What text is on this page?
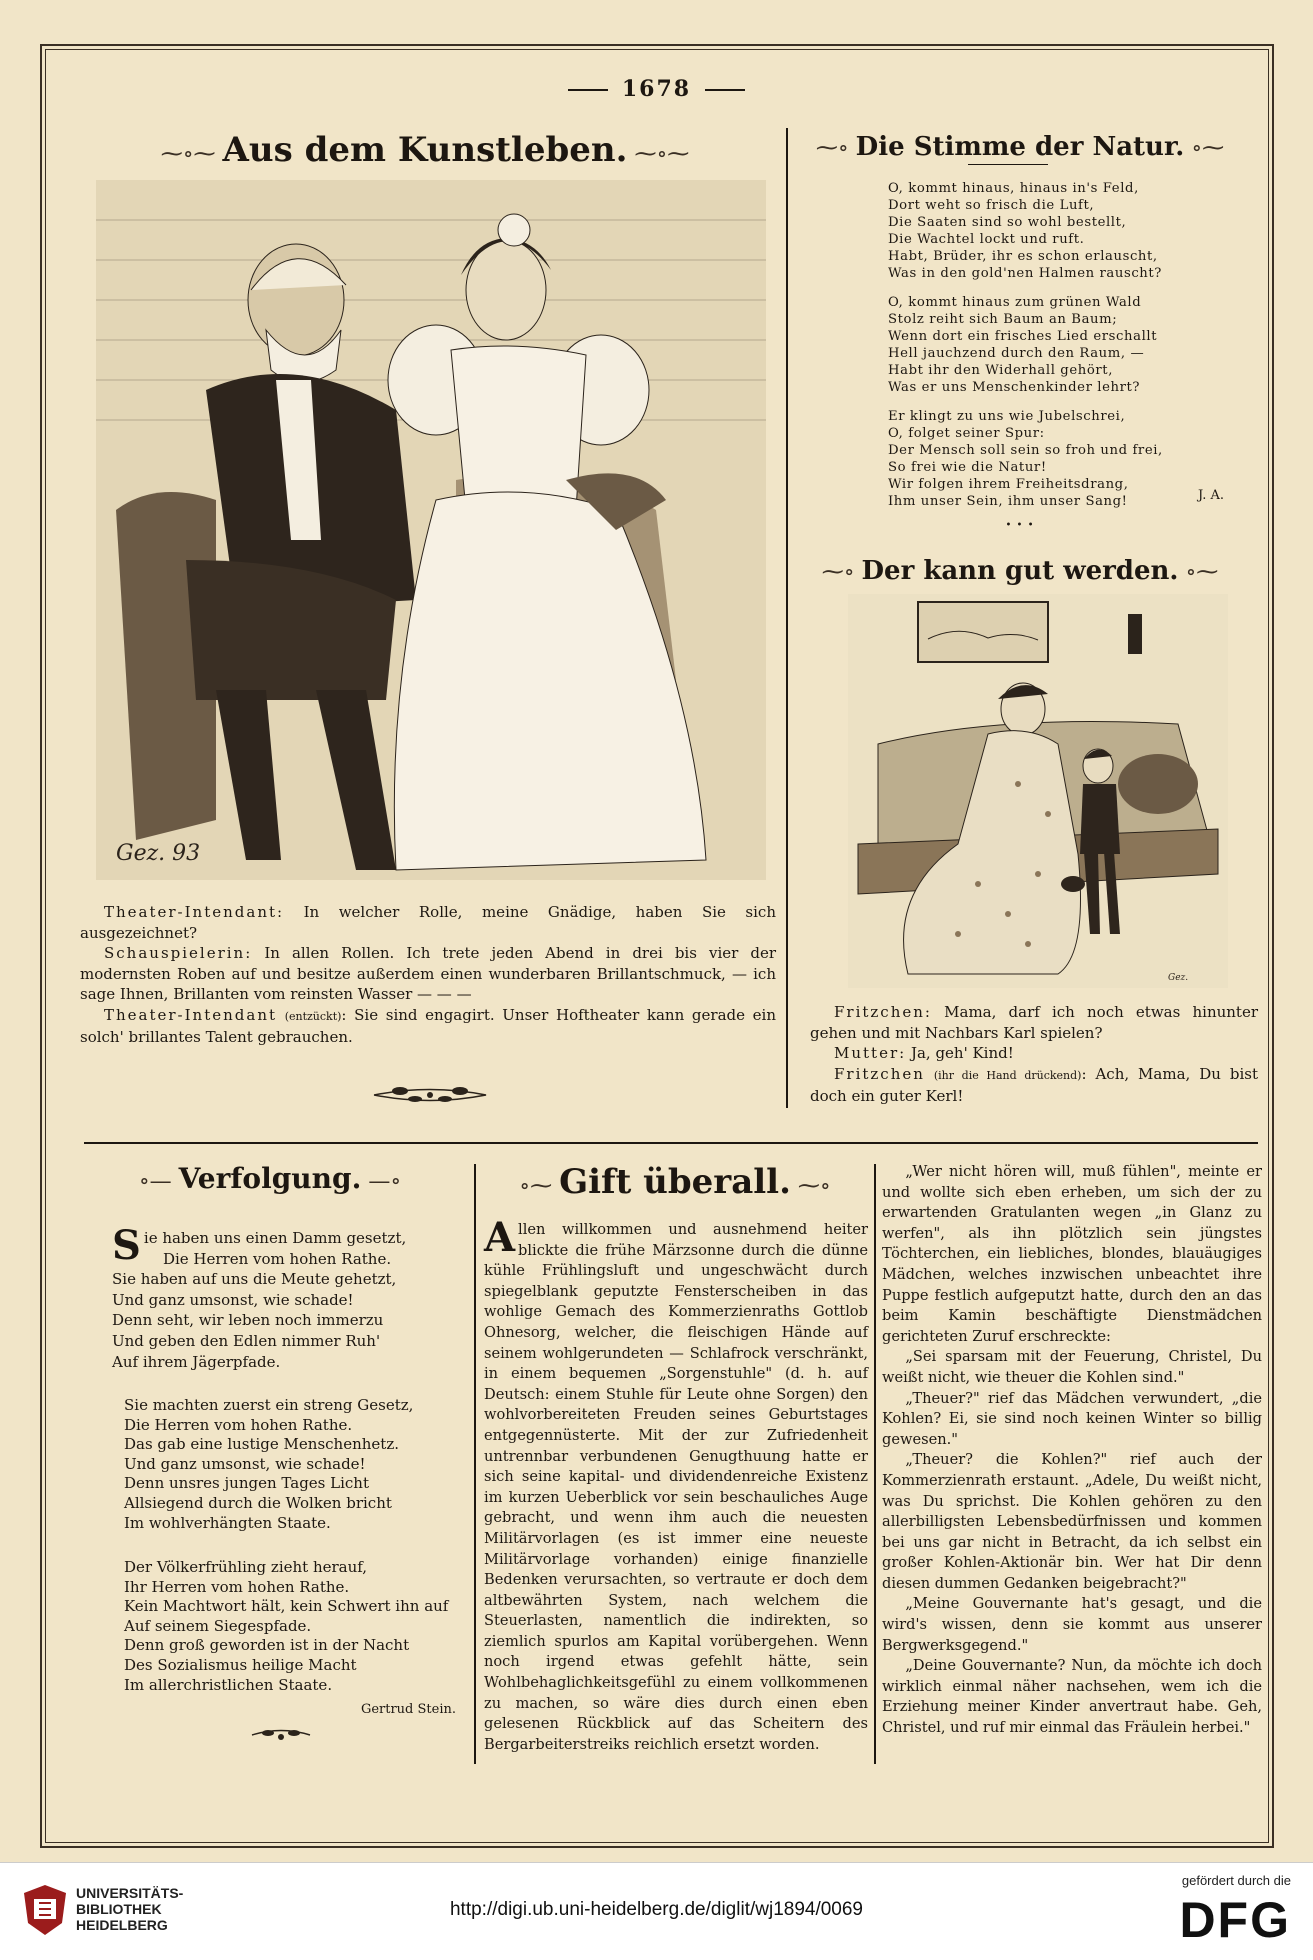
1678
⁓∘⁓ Aus dem Kunstleben. ⁓∘⁓
Gez. 93

Theater-Intendant: In welcher Rolle, meine Gnädige, haben Sie sich ausgezeichnet?

Schauspielerin: In allen Rollen. Ich trete jeden Abend in drei bis vier der modernsten Roben auf und besitze außerdem einen wunderbaren Brillantschmuck, — ich sage Ihnen, Brillanten vom reinsten Wasser — — —

Theater-Intendant (entzückt): Sie sind engagirt. Unser Hoftheater kann gerade ein solch' brillantes Talent gebrauchen.

⁓∘ Die Stimme der Natur. ∘⁓
O, kommt hinaus, hinaus in's Feld,
Dort weht so frisch die Luft,
Die Saaten sind so wohl bestellt,
Die Wachtel lockt und ruft.
Habt, Brüder, ihr es schon erlauscht,
Was in den gold'nen Halmen rauscht?
O, kommt hinaus zum grünen Wald
Stolz reiht sich Baum an Baum;
Wenn dort ein frisches Lied erschallt
Hell jauchzend durch den Raum, —
Habt ihr den Widerhall gehört,
Was er uns Menschenkinder lehrt?
Er klingt zu uns wie Jubelschrei,
O, folget seiner Spur:
Der Mensch soll sein so froh und frei,
So frei wie die Natur!
Wir folgen ihrem Freiheitsdrang,
Ihm unser Sein, ihm unser Sang!	J. A.
• • •
⁓∘ Der kann gut werden. ∘⁓
Gez.

Fritzchen: Mama, darf ich noch etwas hinunter gehen und mit Nachbars Karl spielen?

Mutter: Ja, geh' Kind!

Fritzchen (ihr die Hand drückend): Ach, Mama, Du bist doch ein guter Kerl!

∘— Verfolgung. —∘
Sie haben uns einen Damm gesetzt,
Die Herren vom hohen Rathe.
Sie haben auf uns die Meute gehetzt,
Und ganz umsonst, wie schade!
Denn seht, wir leben noch immerzu
Und geben den Edlen nimmer Ruh'
Auf ihrem Jägerpfade.
Sie machten zuerst ein streng Gesetz,
Die Herren vom hohen Rathe.
Das gab eine lustige Menschenhetz.
Und ganz umsonst, wie schade!
Denn unsres jungen Tages Licht
Allsiegend durch die Wolken bricht
Im wohlverhängten Staate.
Der Völkerfrühling zieht herauf,
Ihr Herren vom hohen Rathe.
Kein Machtwort hält, kein Schwert ihn auf
Auf seinem Siegespfade.
Denn groß geworden ist in der Nacht
Des Sozialismus heilige Macht
Im allerchristlichen Staate.
Gertrud Stein.
∘⁓ Gift überall. ⁓∘

Allen willkommen und ausnehmend heiter blickte die frühe Märzsonne durch die dünne kühle Frühlingsluft und ungeschwächt durch spiegelblank geputzte Fensterscheiben in das wohlige Gemach des Kommerzienraths Gottlob Ohnesorg, welcher, die fleischigen Hände auf seinem wohlgerundeten — Schlafrock verschränkt, in einem bequemen „Sorgenstuhle" (d. h. auf Deutsch: einem Stuhle für Leute ohne Sorgen) den wohlvorbereiteten Freuden seines Geburtstages entgegennüsterte. Mit der zur Zufriedenheit untrennbar verbundenen Genugthuung hatte er sich seine kapital- und dividendenreiche Existenz im kurzen Ueberblick vor sein beschauliches Auge gebracht, und wenn ihm auch die neuesten Militärvorlagen (es ist immer eine neueste Militärvorlage vorhanden) einige finanzielle Bedenken verursachten, so vertraute er doch dem altbewährten System, nach welchem die Steuerlasten, namentlich die indirekten, so ziemlich spurlos am Kapital vorübergehen. Wenn noch irgend etwas gefehlt hätte, sein Wohlbehaglichkeitsgefühl zu einem vollkommenen zu machen, so wäre dies durch einen eben gelesenen Rückblick auf das Scheitern des Bergarbeiterstreiks reichlich ersetzt worden.

„Wer nicht hören will, muß fühlen", meinte er und wollte sich eben erheben, um sich der zu erwartenden Gratulanten wegen „in Glanz zu werfen", als ihn plötzlich sein jüngstes Töchterchen, ein liebliches, blondes, blauäugiges Mädchen, welches inzwischen unbeachtet ihre Puppe festlich aufgeputzt hatte, durch den an das beim Kamin beschäftigte Dienstmädchen gerichteten Zuruf erschreckte:

„Sei sparsam mit der Feuerung, Christel, Du weißt nicht, wie theuer die Kohlen sind."

„Theuer?" rief das Mädchen verwundert, „die Kohlen? Ei, sie sind noch keinen Winter so billig gewesen."

„Theuer? die Kohlen?" rief auch der Kommerzienrath erstaunt. „Adele, Du weißt nicht, was Du sprichst. Die Kohlen gehören zu den allerbilligsten Lebensbedürfnissen und kommen bei uns gar nicht in Betracht, da ich selbst ein großer Kohlen-Aktionär bin. Wer hat Dir denn diesen dummen Gedanken beigebracht?"

„Meine Gouvernante hat's gesagt, und die wird's wissen, denn sie kommt aus unserer Bergwerksgegend."

„Deine Gouvernante? Nun, da möchte ich doch wirklich einmal näher nachsehen, wem ich die Erziehung meiner Kinder anvertraut habe. Geh, Christel, und ruf mir einmal das Fräulein herbei."

UNIVERSITÄTS-
BIBLIOTHEK
HEIDELBERG
http://digi.ub.uni-heidelberg.de/diglit/wj1894/0069
gefördert durch die
DFG
